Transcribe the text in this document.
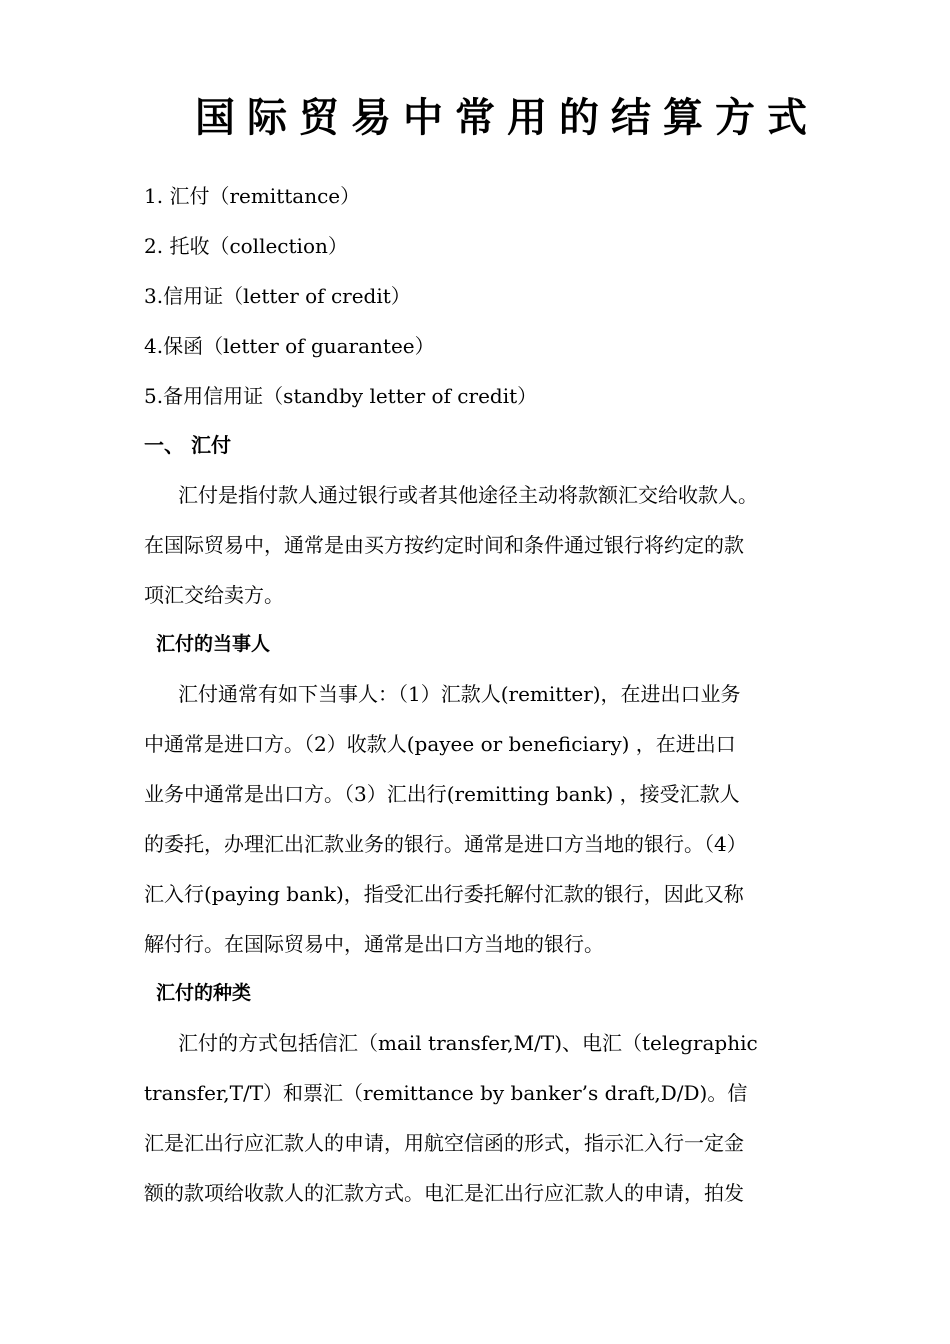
国际贸易中常用的结算方式
1. 汇付（remittance）
2. 托收（collection）
3.信用证（letter of credit）
4.保函（letter of guarantee）
5.备用信用证（standby letter of credit）
一、 汇付
汇付是指付款人通过银行或者其他途径主动将款额汇交给收款人。
在国际贸易中，通常是由买方按约定时间和条件通过银行将约定的款
项汇交给卖方。
汇付的当事人
汇付通常有如下当事人：（1）汇款人(remitter)，在进出口业务
中通常是进口方。（2）收款人(payee or beneficiary) ，在进出口
业务中通常是出口方。（3）汇出行(remitting bank) ，接受汇款人
的委托，办理汇出汇款业务的银行。通常是进口方当地的银行。（4）
汇入行(paying bank)，指受汇出行委托解付汇款的银行，因此又称
解付行。在国际贸易中，通常是出口方当地的银行。
汇付的种类
汇付的方式包括信汇（mail transfer,M/T)、电汇（telegraphic
transfer,T/T）和票汇（remittance by banker’s draft,D/D)。信
汇是汇出行应汇款人的申请，用航空信函的形式，指示汇入行一定金
额的款项给收款人的汇款方式。电汇是汇出行应汇款人的申请，拍发
